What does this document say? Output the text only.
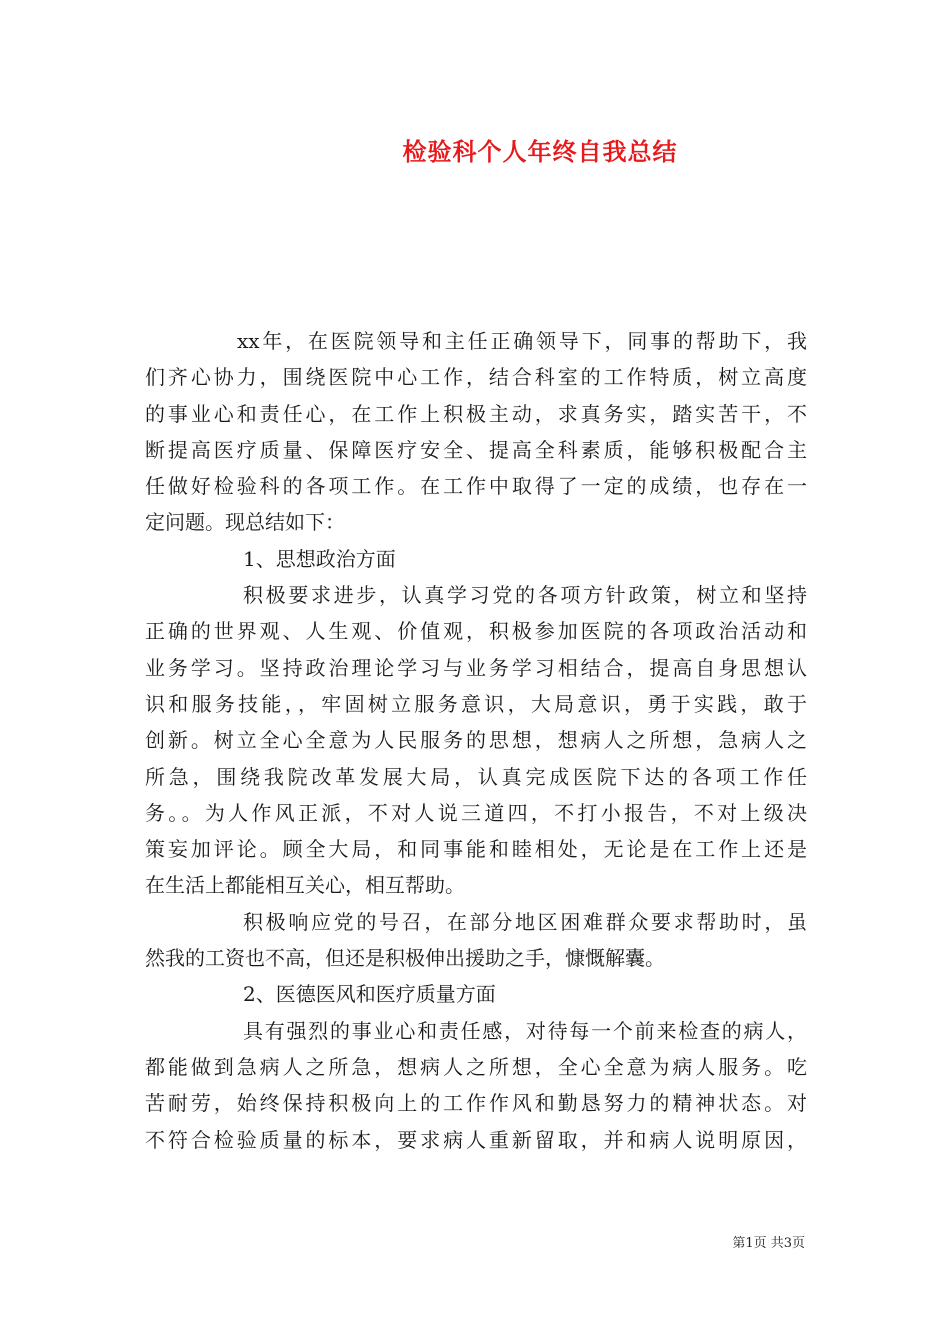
检验科个人年终自我总结
xx年，在医院领导和主任正确领导下，同事的帮助下，我
们齐心协力，围绕医院中心工作，结合科室的工作特质，树立高度
的事业心和责任心，在工作上积极主动，求真务实，踏实苦干，不
断提高医疗质量、保障医疗安全、提高全科素质，能够积极配合主
任做好检验科的各项工作。在工作中取得了一定的成绩，也存在一
定问题。现总结如下：
1、思想政治方面
积极要求进步，认真学习党的各项方针政策，树立和坚持
正确的世界观、人生观、价值观，积极参加医院的各项政治活动和
业务学习。坚持政治理论学习与业务学习相结合，提高自身思想认
识和服务技能，，牢固树立服务意识，大局意识，勇于实践，敢于
创新。树立全心全意为人民服务的思想，想病人之所想，急病人之
所急，围绕我院改革发展大局，认真完成医院下达的各项工作任
务。。为人作风正派，不对人说三道四，不打小报告，不对上级决
策妄加评论。顾全大局，和同事能和睦相处，无论是在工作上还是
在生活上都能相互关心，相互帮助。
积极响应党的号召，在部分地区困难群众要求帮助时，虽
然我的工资也不高，但还是积极伸出援助之手，慷慨解囊。
2、医德医风和医疗质量方面
具有强烈的事业心和责任感，对待每一个前来检查的病人，
都能做到急病人之所急，想病人之所想，全心全意为病人服务。吃
苦耐劳，始终保持积极向上的工作作风和勤恳努力的精神状态。对
不符合检验质量的标本，要求病人重新留取，并和病人说明原因，
第1页 共3页
